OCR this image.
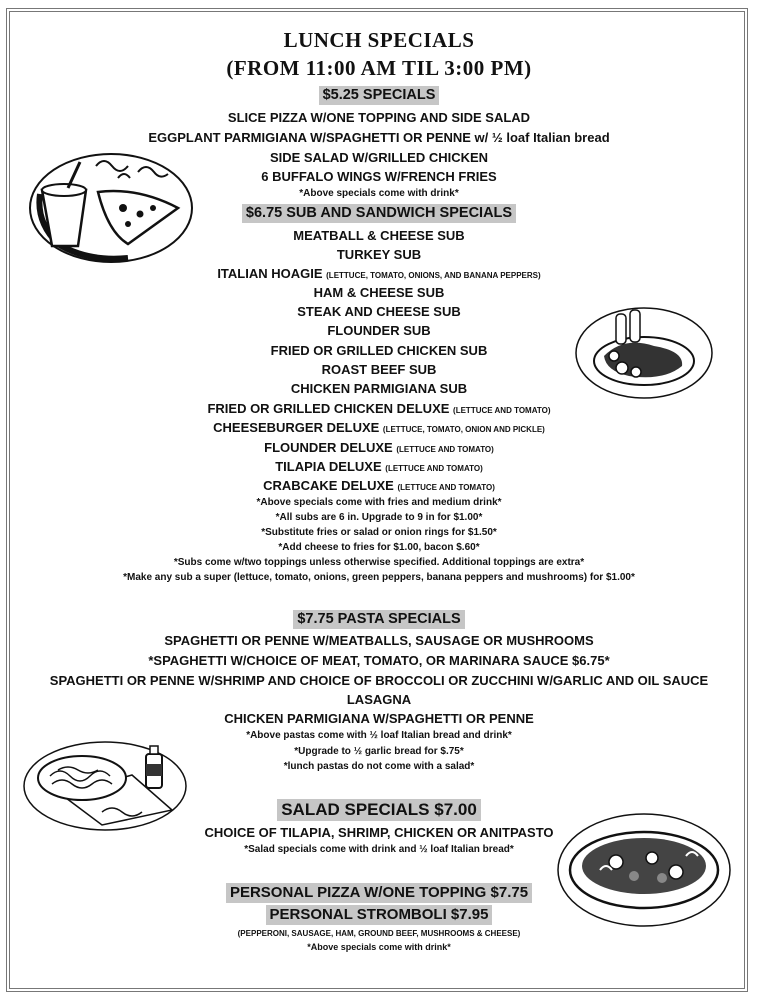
LUNCH SPECIALS
(FROM 11:00 AM TIL 3:00 PM)
$5.25 SPECIALS
SLICE PIZZA W/ONE TOPPING AND SIDE SALAD
EGGPLANT PARMIGIANA W/SPAGHETTI OR PENNE w/ ½ loaf Italian bread
SIDE SALAD W/GRILLED CHICKEN
6 BUFFALO WINGS W/FRENCH FRIES
*Above specials come with drink*
$6.75 SUB AND SANDWICH SPECIALS
MEATBALL & CHEESE SUB
TURKEY SUB
ITALIAN HOAGIE (LETTUCE, TOMATO, ONIONS, AND BANANA PEPPERS)
HAM & CHEESE SUB
STEAK AND CHEESE SUB
FLOUNDER SUB
FRIED OR GRILLED CHICKEN SUB
ROAST BEEF SUB
CHICKEN PARMIGIANA SUB
FRIED OR GRILLED CHICKEN DELUXE (LETTUCE AND TOMATO)
CHEESEBURGER DELUXE (LETTUCE, TOMATO, ONION AND PICKLE)
FLOUNDER DELUXE (LETTUCE AND TOMATO)
TILAPIA DELUXE (LETTUCE AND TOMATO)
CRABCAKE DELUXE (LETTUCE AND TOMATO)
*Above specials come with fries and medium drink*
*All subs are 6 in. Upgrade to 9 in for $1.00*
*Substitute fries or salad or onion rings for $1.50*
*Add cheese to fries for $1.00, bacon $.60*
*Subs come w/two toppings unless otherwise specified. Additional toppings are extra*
*Make any sub a super (lettuce, tomato, onions, green peppers, banana peppers and mushrooms) for $1.00*
$7.75 PASTA SPECIALS
SPAGHETTI OR PENNE W/MEATBALLS, SAUSAGE OR MUSHROOMS
*SPAGHETTI W/CHOICE OF MEAT, TOMATO, OR MARINARA SAUCE $6.75*
SPAGHETTI OR PENNE W/SHRIMP AND CHOICE OF BROCCOLI OR ZUCCHINI W/GARLIC AND OIL SAUCE
LASAGNA
CHICKEN PARMIGIANA W/SPAGHETTI OR PENNE
*Above pastas come with ½ loaf Italian bread and drink*
*Upgrade to ½ garlic bread for $.75*
*lunch pastas do not come with a salad*
SALAD SPECIALS $7.00
CHOICE OF TILAPIA, SHRIMP, CHICKEN OR ANITPASTO
*Salad specials come with drink and ½ loaf Italian bread*
PERSONAL PIZZA W/ONE TOPPING $7.75
PERSONAL STROMBOLI $7.95
(PEPPERONI, SAUSAGE, HAM, GROUND BEEF, MUSHROOMS & CHEESE)
*Above specials come with drink*
